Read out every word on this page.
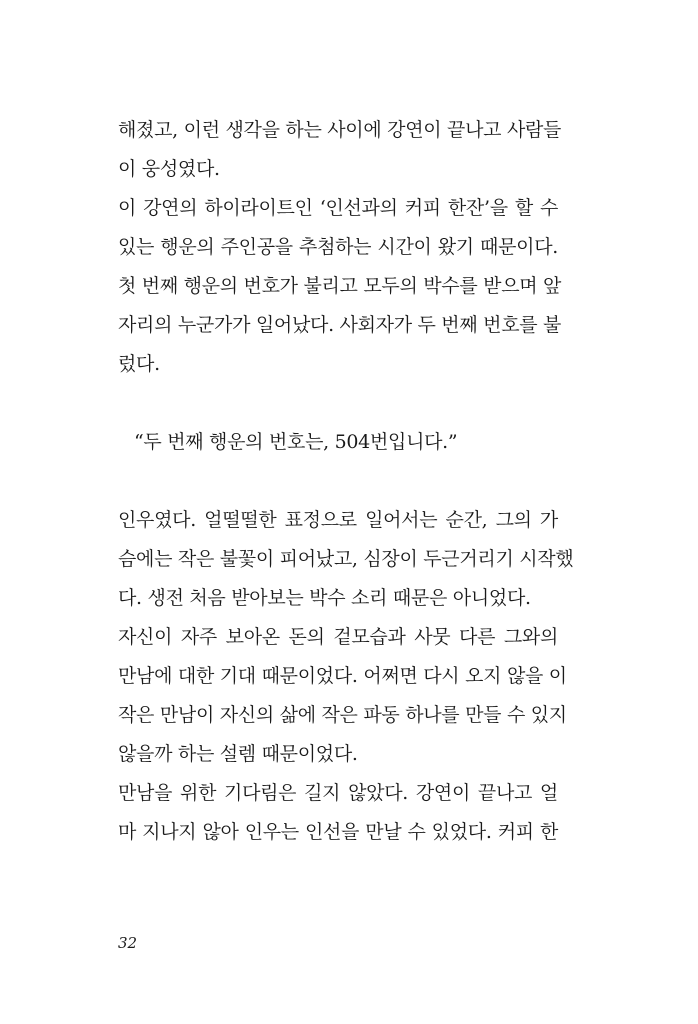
해졌고, 이런 생각을 하는 사이에 강연이 끝나고 사람들
이 웅성였다.
이 강연의 하이라이트인 ‘인선과의 커피 한잔’을 할 수
있는 행운의 주인공을 추첨하는 시간이 왔기 때문이다.
첫 번째 행운의 번호가 불리고 모두의 박수를 받으며 앞
자리의 누군가가 일어났다. 사회자가 두 번째 번호를 불
렀다.
“두 번째 행운의 번호는, 504번입니다.”
인우였다. 얼떨떨한 표정으로 일어서는 순간, 그의 가
슴에는 작은 불꽃이 피어났고, 심장이 두근거리기 시작했
다. 생전 처음 받아보는 박수 소리 때문은 아니었다.
자신이 자주 보아온 돈의 겉모습과 사뭇 다른 그와의
만남에 대한 기대 때문이었다. 어쩌면 다시 오지 않을 이
작은 만남이 자신의 삶에 작은 파동 하나를 만들 수 있지
않을까 하는 설렘 때문이었다.
만남을 위한 기다림은 길지 않았다. 강연이 끝나고 얼
마 지나지 않아 인우는 인선을 만날 수 있었다. 커피 한
32
